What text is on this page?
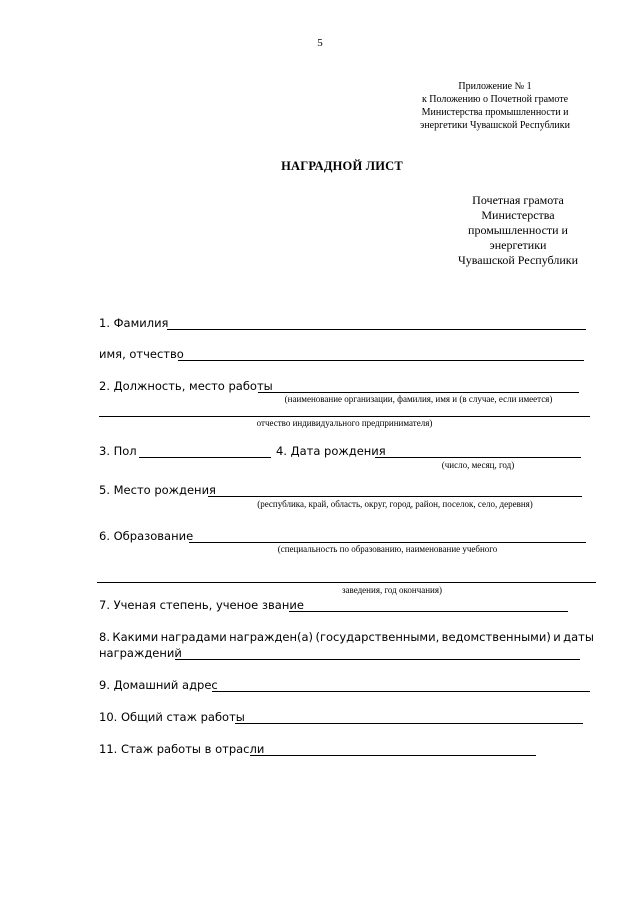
5
Приложение № 1
к Положению о Почетной грамоте
Министерства промышленности и
энергетики Чувашской Республики
НАГРАДНОЙ ЛИСТ
Почетная грамота
Министерства
промышленности и
энергетики
Чувашской Республики
1. Фамилия
имя, отчество
2. Должность, место работы
(наименование организации, фамилия, имя и (в случае, если имеется)
отчество индивидуального предпринимателя)
3. Пол	4. Дата рождения
(число, месяц, год)
5. Место рождения
(республика, край, область, округ, город, район, поселок, село, деревня)
6. Образование
(специальность по образованию, наименование учебного
заведения, год окончания)
7. Ученая степень, ученое звание
8. Какими наградами награжден(а) (государственными, ведомственными) и даты
награждений
9. Домашний адрес
10. Общий стаж работы
11. Стаж работы в отрасли
